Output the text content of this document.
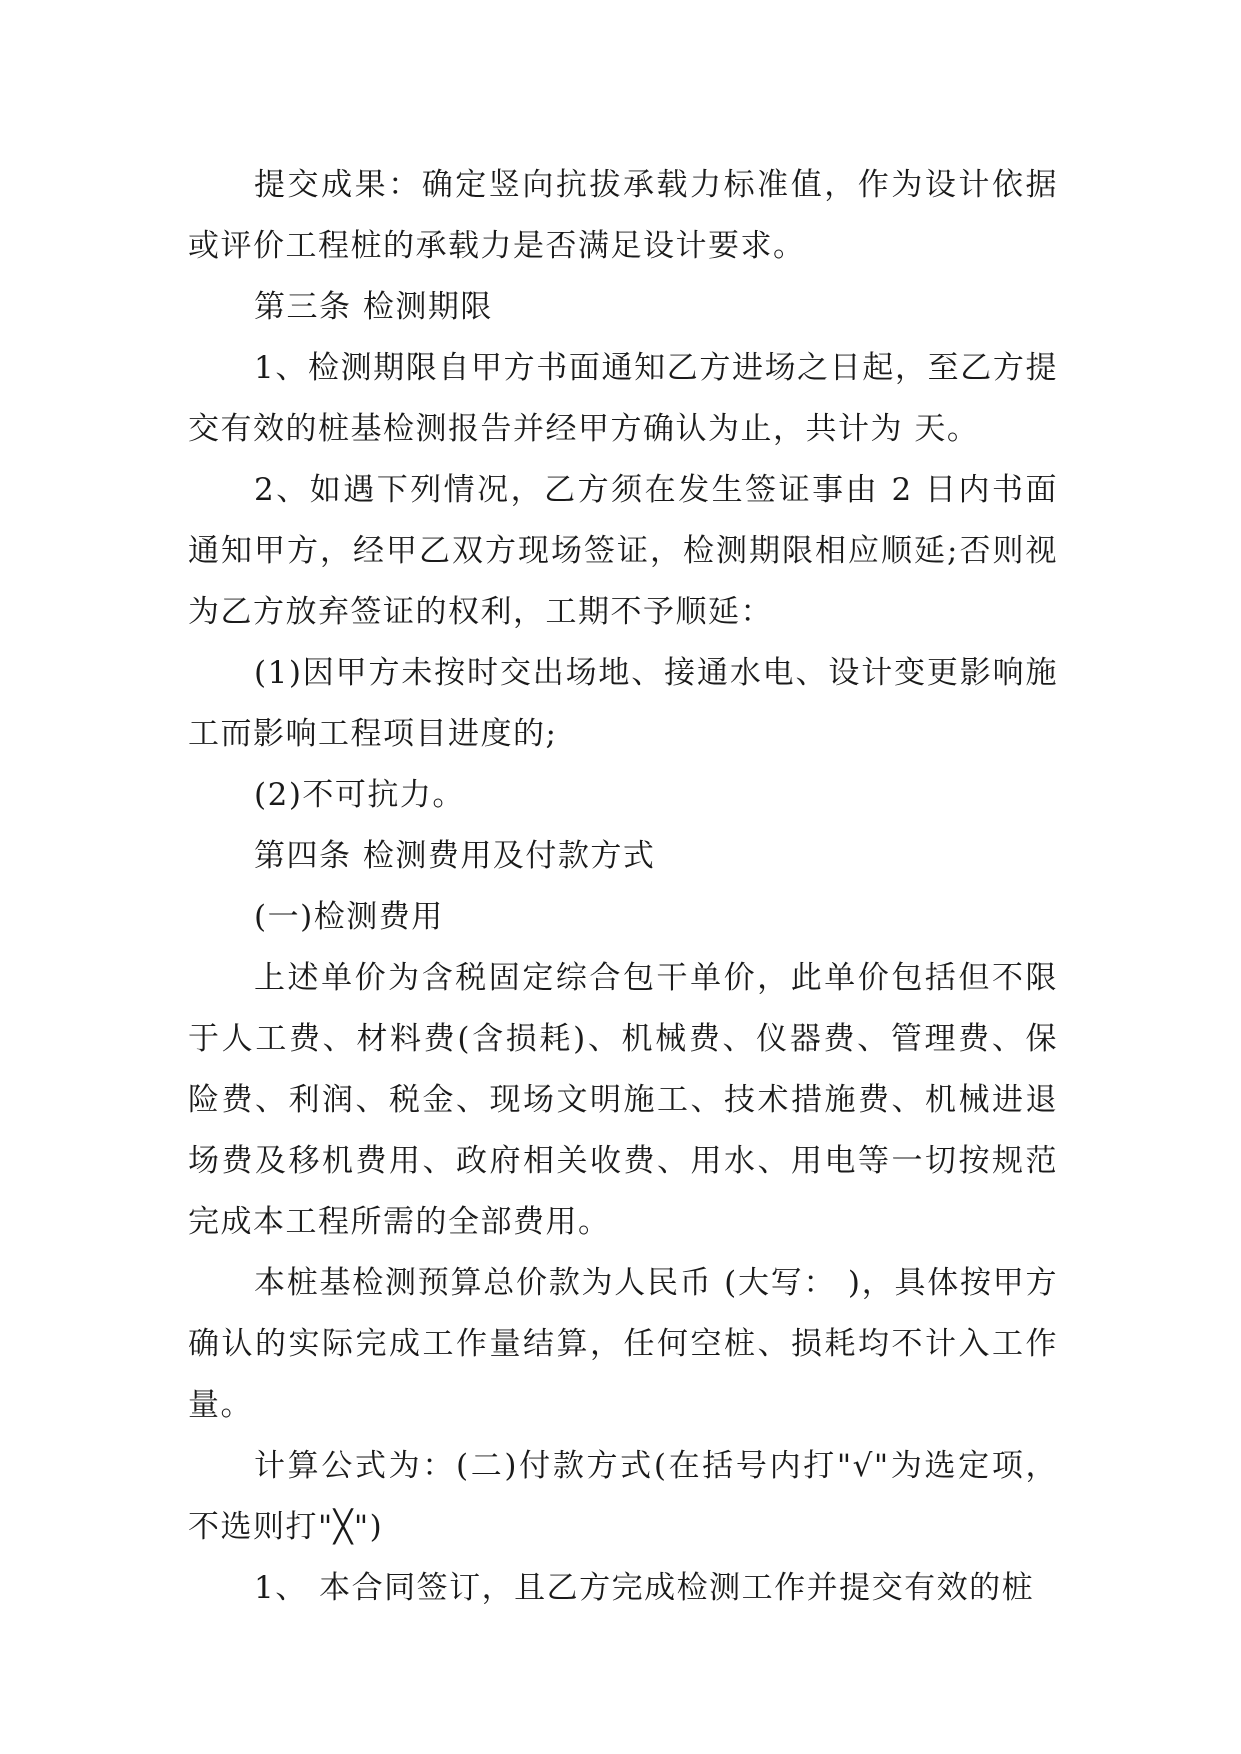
提交成果：确定竖向抗拔承载力标准值，作为设计依据或评价工程桩的承载力是否满足设计要求。

第三条 检测期限

1、检测期限自甲方书面通知乙方进场之日起，至乙方提交有效的桩基检测报告并经甲方确认为止，共计为 天。

2、如遇下列情况，乙方须在发生签证事由 2 日内书面通知甲方，经甲乙双方现场签证，检测期限相应顺延;否则视为乙方放弃签证的权利，工期不予顺延：

(1)因甲方未按时交出场地、接通水电、设计变更影响施工而影响工程项目进度的;

(2)不可抗力。

第四条 检测费用及付款方式

(一)检测费用

上述单价为含税固定综合包干单价，此单价包括但不限于人工费、材料费(含损耗)、机械费、仪器费、管理费、保险费、利润、税金、现场文明施工、技术措施费、机械进退场费及移机费用、政府相关收费、用水、用电等一切按规范完成本工程所需的全部费用。

本桩基检测预算总价款为人民币 (大写： )，具体按甲方确认的实际完成工作量结算，任何空桩、损耗均不计入工作量。

计算公式为：(二)付款方式(在括号内打"√"为选定项，不选则打"╳")

1、 本合同签订，且乙方完成检测工作并提交有效的桩
